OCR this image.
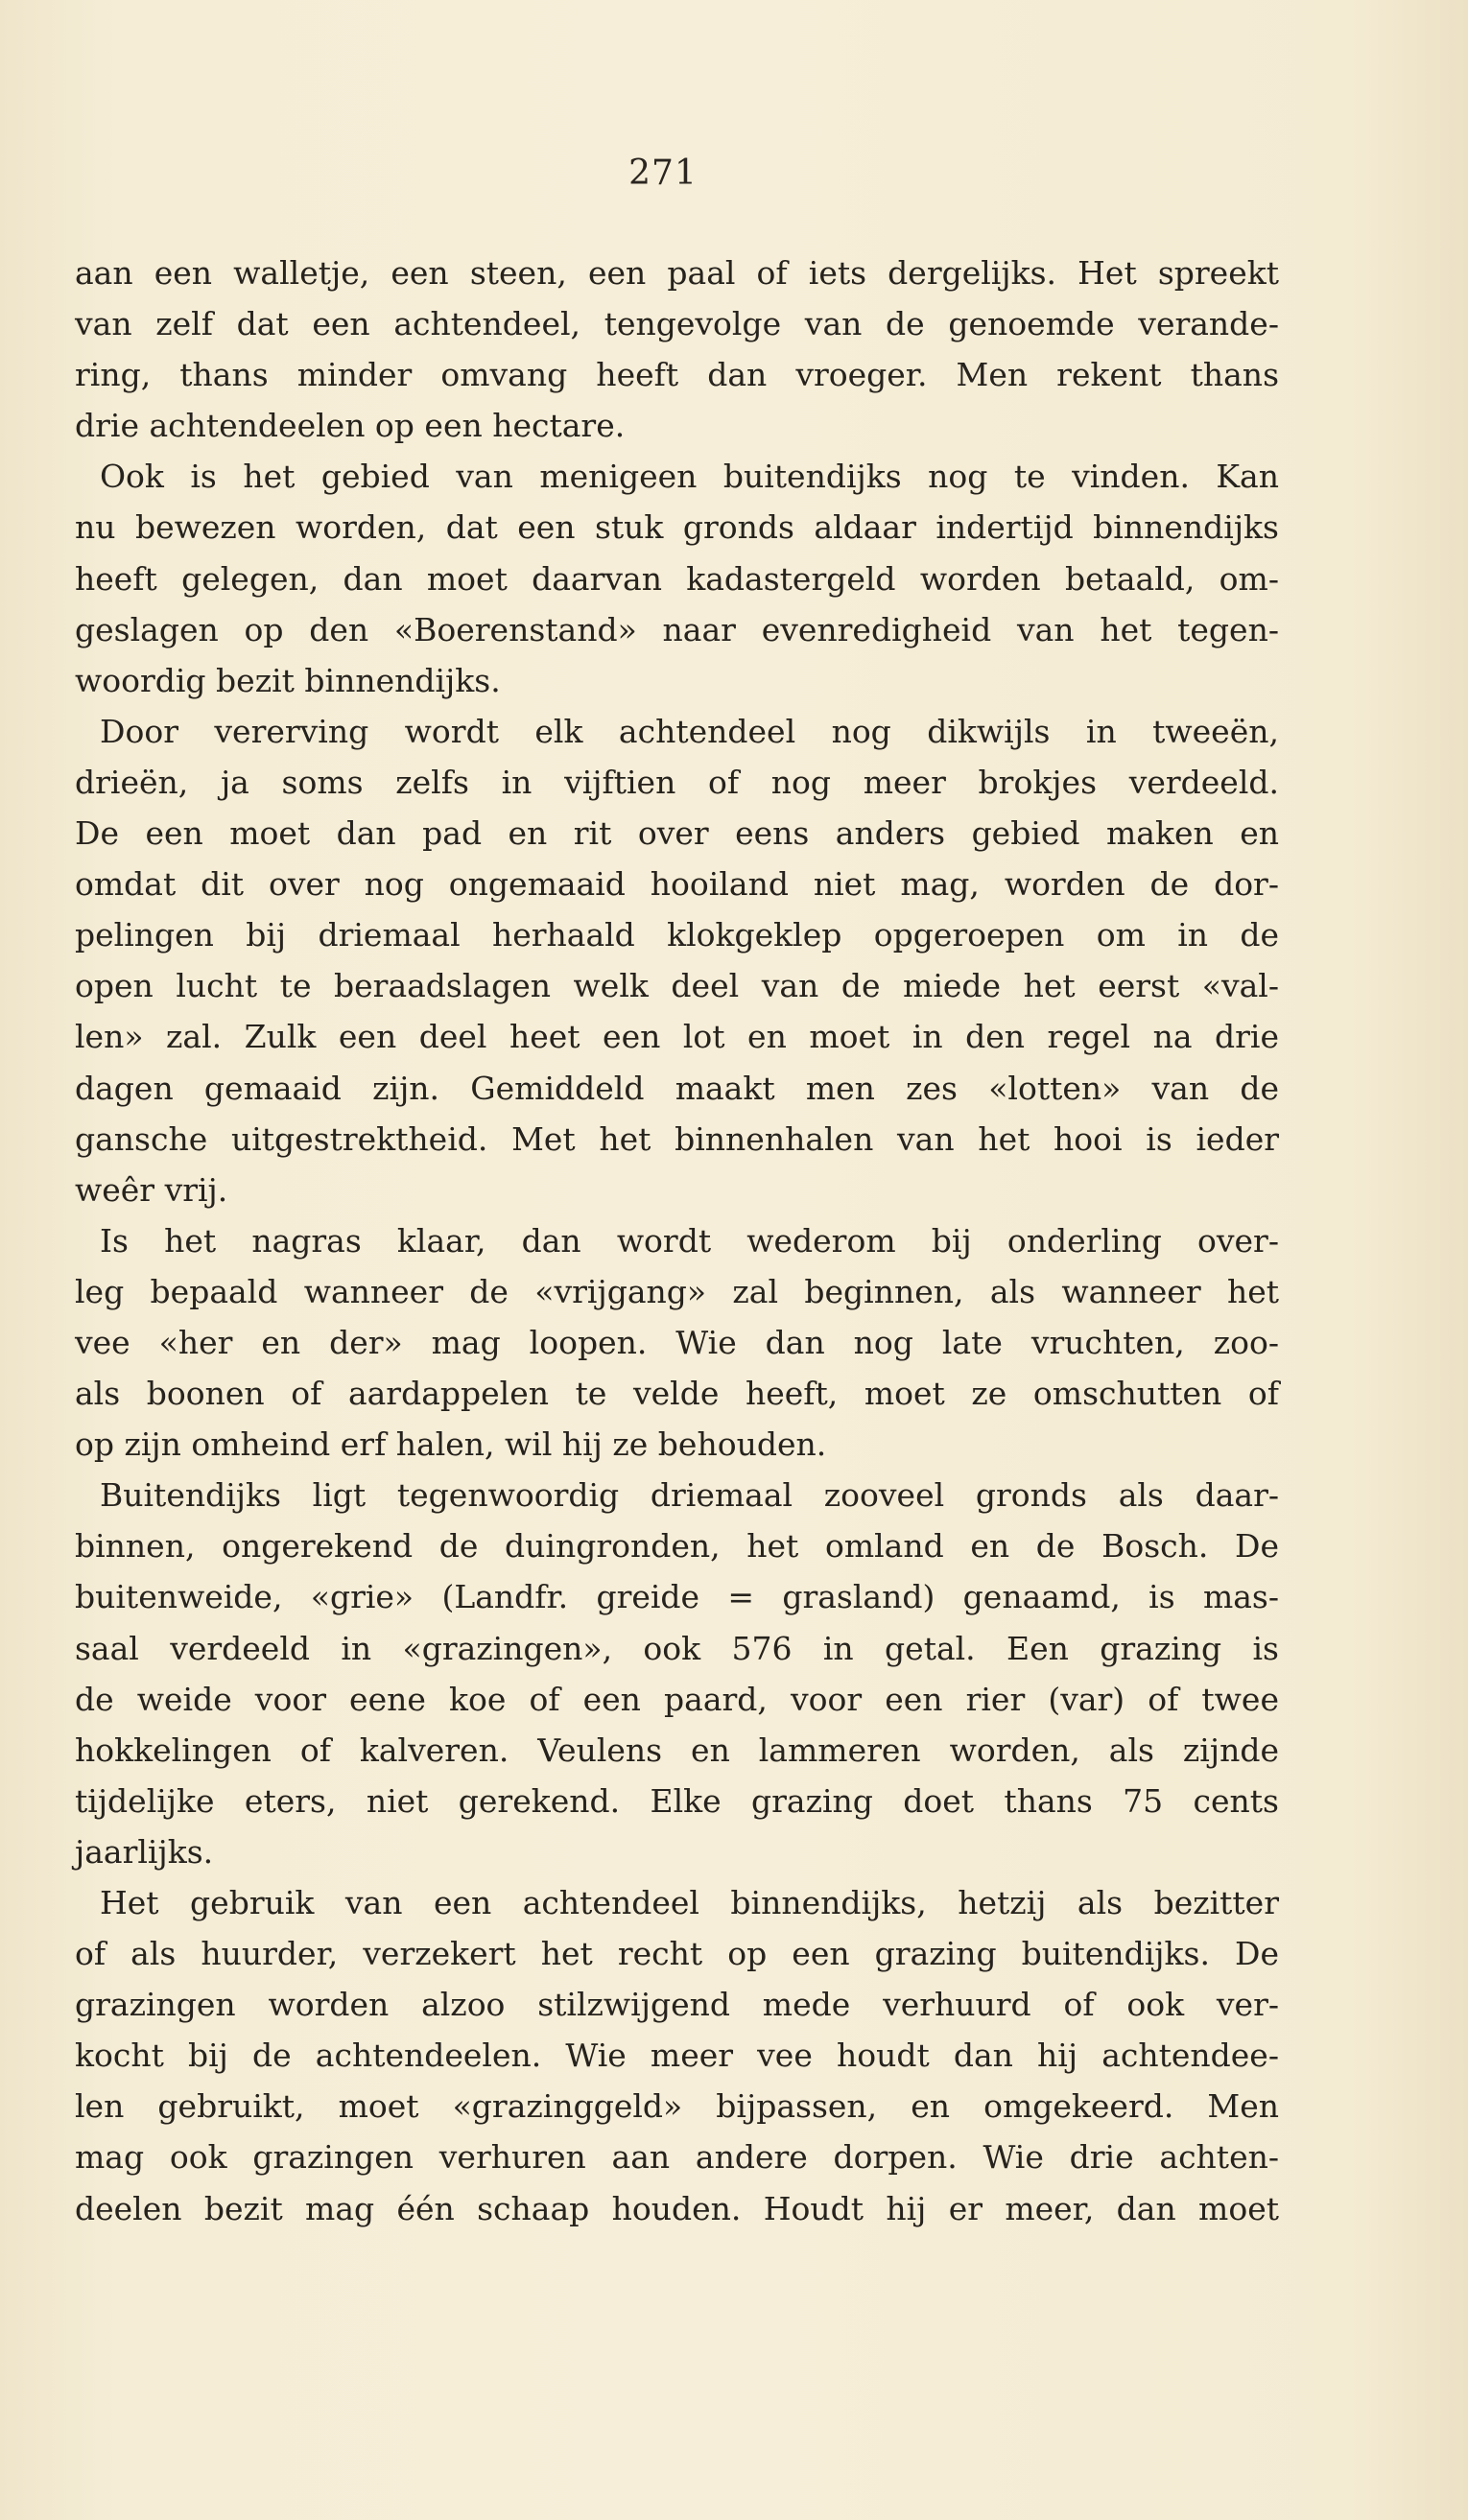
271
aan een walletje, een steen, een paal of iets dergelijks. Het spreekt
van zelf dat een achtendeel, tengevolge van de genoemde verande-
ring, thans minder omvang heeft dan vroeger. Men rekent thans
drie achtendeelen op een hectare.
Ook is het gebied van menigeen buitendijks nog te vinden. Kan
nu bewezen worden, dat een stuk gronds aldaar indertijd binnendijks
heeft gelegen, dan moet daarvan kadastergeld worden betaald, om-
geslagen op den «Boerenstand» naar evenredigheid van het tegen-
woordig bezit binnendijks.
Door vererving wordt elk achtendeel nog dikwijls in tweeën,
drieën, ja soms zelfs in vijftien of nog meer brokjes verdeeld.
De een moet dan pad en rit over eens anders gebied maken en
omdat dit over nog ongemaaid hooiland niet mag, worden de dor-
pelingen bij driemaal herhaald klokgeklep opgeroepen om in de
open lucht te beraadslagen welk deel van de miede het eerst «val-
len» zal. Zulk een deel heet een lot en moet in den regel na drie
dagen gemaaid zijn. Gemiddeld maakt men zes «lotten» van de
gansche uitgestrektheid. Met het binnenhalen van het hooi is ieder
weêr vrij.
Is het nagras klaar, dan wordt wederom bij onderling over-
leg bepaald wanneer de «vrijgang» zal beginnen, als wanneer het
vee «her en der» mag loopen. Wie dan nog late vruchten, zoo-
als boonen of aardappelen te velde heeft, moet ze omschutten of
op zijn omheind erf halen, wil hij ze behouden.
Buitendijks ligt tegenwoordig driemaal zooveel gronds als daar-
binnen, ongerekend de duingronden, het omland en de Bosch. De
buitenweide, «grie» (Landfr. greide = grasland) genaamd, is mas-
saal verdeeld in «grazingen», ook 576 in getal. Een grazing is
de weide voor eene koe of een paard, voor een rier (var) of twee
hokkelingen of kalveren. Veulens en lammeren worden, als zijnde
tijdelijke eters, niet gerekend. Elke grazing doet thans 75 cents
jaarlijks.
Het gebruik van een achtendeel binnendijks, hetzij als bezitter
of als huurder, verzekert het recht op een grazing buitendijks. De
grazingen worden alzoo stilzwijgend mede verhuurd of ook ver-
kocht bij de achtendeelen. Wie meer vee houdt dan hij achtendee-
len gebruikt, moet «grazinggeld» bijpassen, en omgekeerd. Men
mag ook grazingen verhuren aan andere dorpen. Wie drie achten-
deelen bezit mag één schaap houden. Houdt hij er meer, dan moet
